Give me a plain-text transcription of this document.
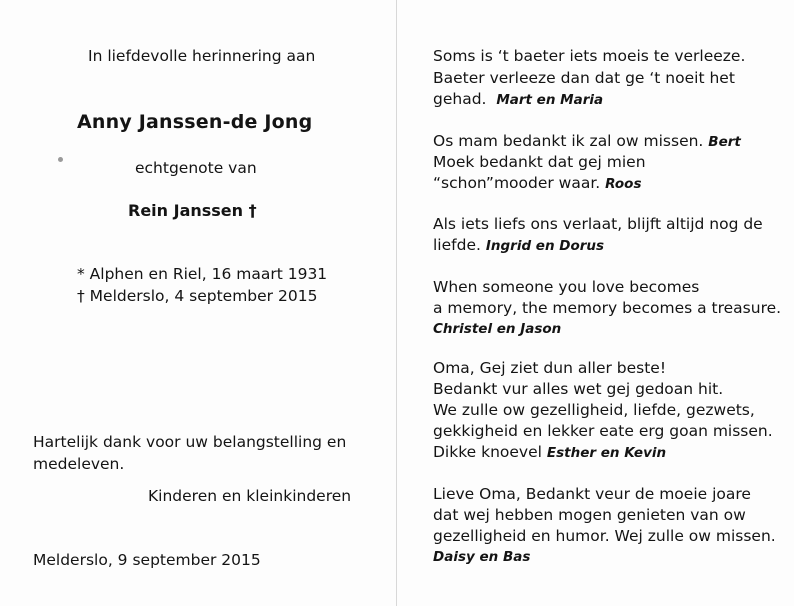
In liefdevolle herinnering aan
Anny Janssen-de Jong
echtgenote van
Rein Janssen †
* Alphen en Riel, 16 maart 1931
† Melderslo, 4 september 2015
Hartelijk dank voor uw belangstelling en
medeleven.
Kinderen en kleinkinderen
Melderslo, 9 september 2015
Soms is ‘t baeter iets moeis te verleeze.
Baeter verleeze dan dat ge ‘t noeit het
gehad. Mart en Maria
Os mam bedankt ik zal ow missen. Bert
Moek bedankt dat gej mien
“schon”mooder waar. Roos
Als iets liefs ons verlaat, blijft altijd nog de
liefde. Ingrid en Dorus
When someone you love becomes
a memory, the memory becomes a treasure.
Christel en Jason
Oma, Gej ziet dun aller beste!
Bedankt vur alles wet gej gedoan hit.
We zulle ow gezelligheid, liefde, gezwets,
gekkigheid en lekker eate erg goan missen.
Dikke knoevel Esther en Kevin
Lieve Oma, Bedankt veur de moeie joare
dat wej hebben mogen genieten van ow
gezelligheid en humor. Wej zulle ow missen.
Daisy en Bas
